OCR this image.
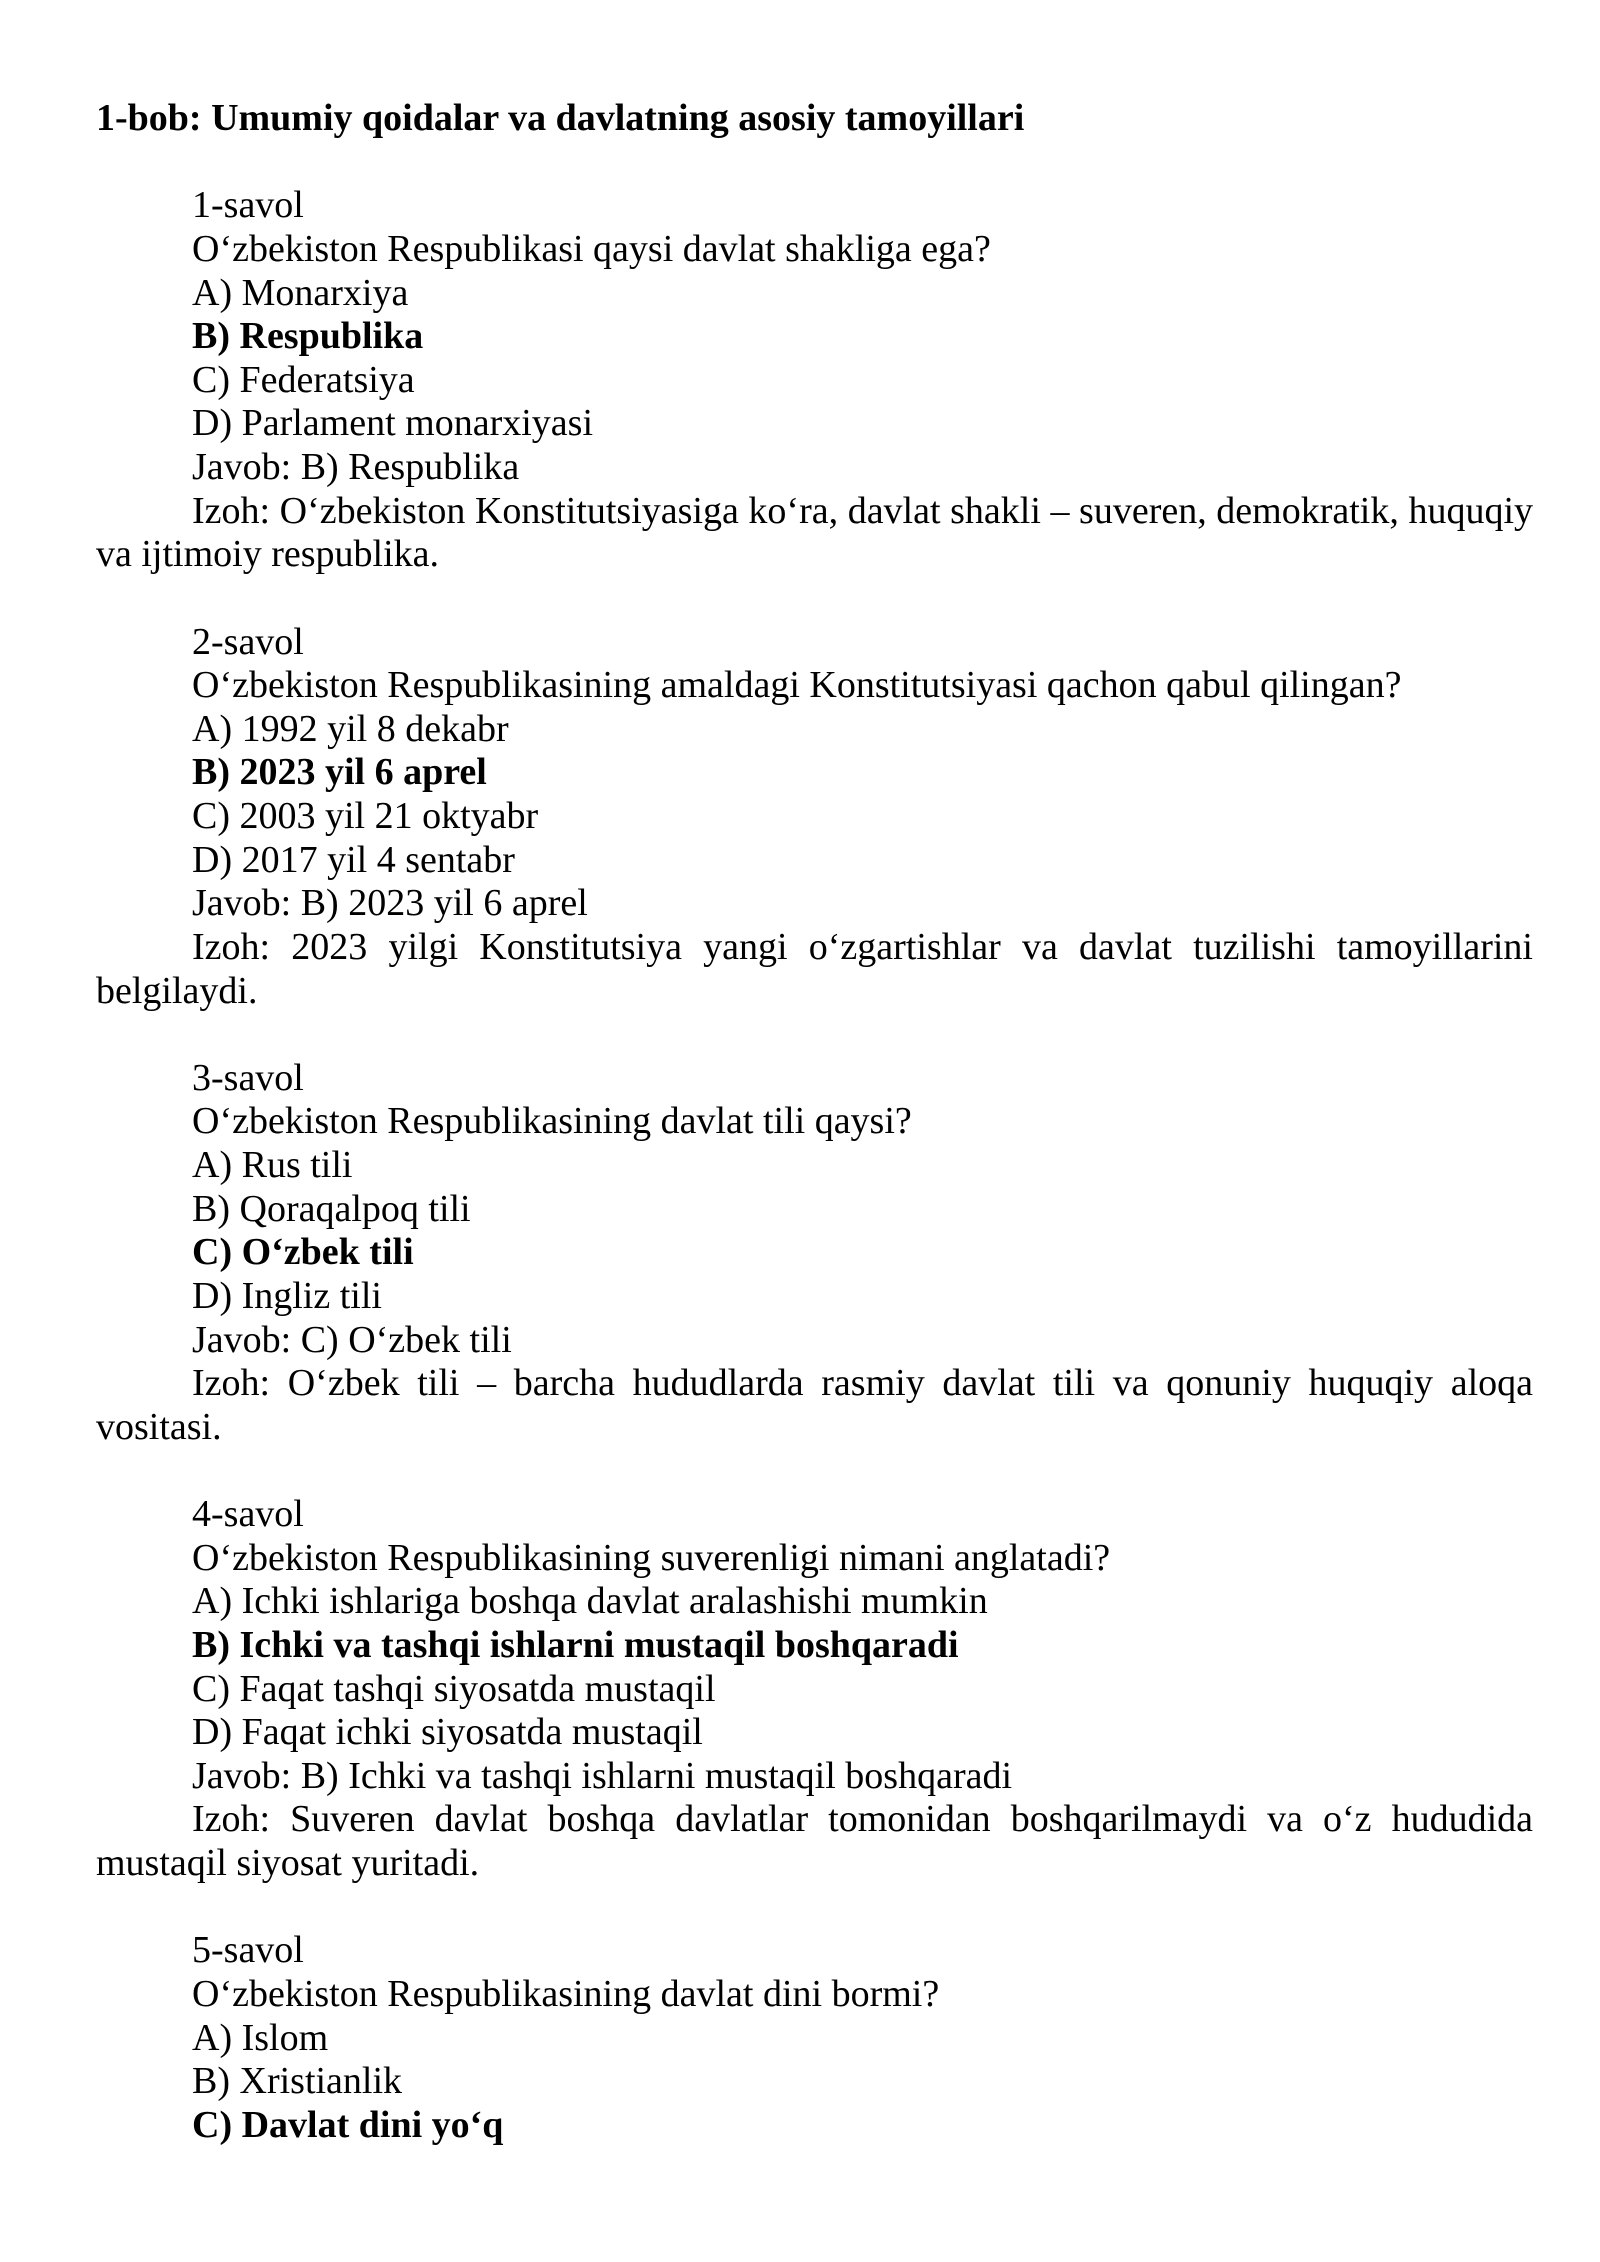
1-bob: Umumiy qoidalar va davlatning asosiy tamoyillari
1-savol
O‘zbekiston Respublikasi qaysi davlat shakliga ega?
A) Monarxiya
B) Respublika
C) Federatsiya
D) Parlament monarxiyasi
Javob: B) Respublika

Izoh: O‘zbekiston Konstitutsiyasiga ko‘ra, davlat shakli – suveren, demokratik, huquqiy va ijtimoiy respublika.

2-savol
O‘zbekiston Respublikasining amaldagi Konstitutsiyasi qachon qabul qilingan?
A) 1992 yil 8 dekabr
B) 2023 yil 6 aprel
C) 2003 yil 21 oktyabr
D) 2017 yil 4 sentabr
Javob: B) 2023 yil 6 aprel

Izoh: 2023 yilgi Konstitutsiya yangi o‘zgartishlar va davlat tuzilishi tamoyillarini belgilaydi.

3-savol
O‘zbekiston Respublikasining davlat tili qaysi?
A) Rus tili
B) Qoraqalpoq tili
C) O‘zbek tili
D) Ingliz tili
Javob: C) O‘zbek tili

Izoh: O‘zbek tili – barcha hududlarda rasmiy davlat tili va qonuniy huquqiy aloqa vositasi.

4-savol
O‘zbekiston Respublikasining suverenligi nimani anglatadi?
A) Ichki ishlariga boshqa davlat aralashishi mumkin
B) Ichki va tashqi ishlarni mustaqil boshqaradi
C) Faqat tashqi siyosatda mustaqil
D) Faqat ichki siyosatda mustaqil
Javob: B) Ichki va tashqi ishlarni mustaqil boshqaradi

Izoh: Suveren davlat boshqa davlatlar tomonidan boshqarilmaydi va o‘z hududida mustaqil siyosat yuritadi.

5-savol
O‘zbekiston Respublikasining davlat dini bormi?
A) Islom
B) Xristianlik
C) Davlat dini yo‘q
